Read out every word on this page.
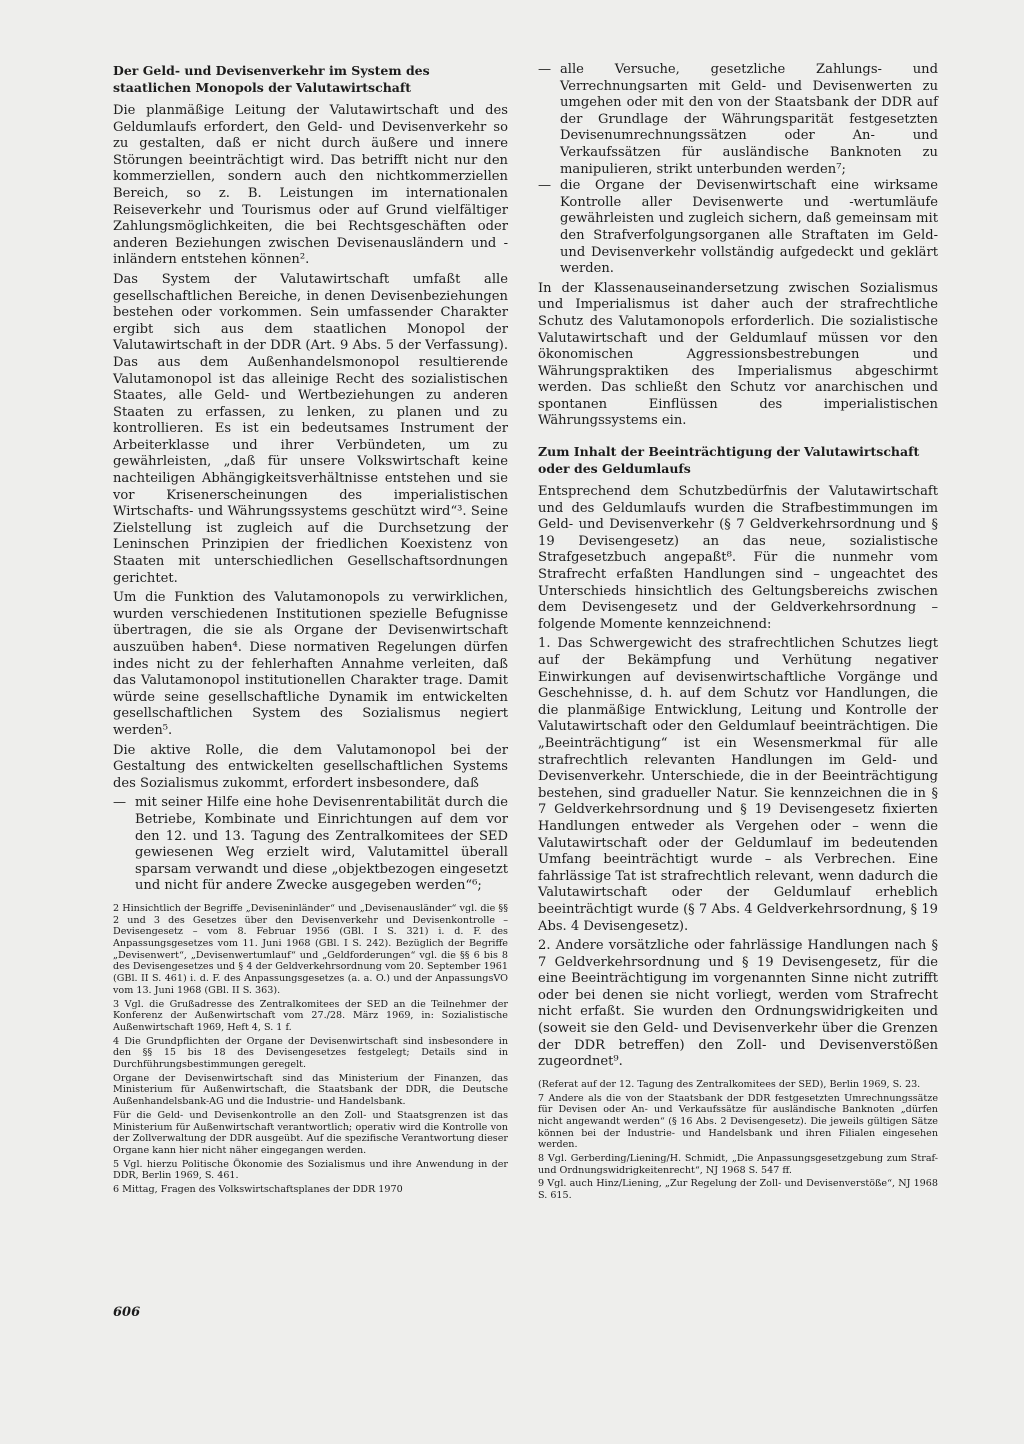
Der Geld- und Devisenverkehr im System des staatlichen Monopols der Valutawirtschaft

Die planmäßige Leitung der Valutawirtschaft und des Geldumlaufs erfordert, den Geld- und Devisenverkehr so zu gestalten, daß er nicht durch äußere und innere Störungen beeinträchtigt wird. Das betrifft nicht nur den kommerziellen, sondern auch den nichtkommerziellen Bereich, so z. B. Leistungen im internationalen Reiseverkehr und Tourismus oder auf Grund vielfältiger Zahlungsmöglichkeiten, die bei Rechtsgeschäften oder anderen Beziehungen zwischen Devisenausländern und -inländern entstehen können².

Das System der Valutawirtschaft umfaßt alle gesellschaftlichen Bereiche, in denen Devisenbeziehungen bestehen oder vorkommen. Sein umfassender Charakter ergibt sich aus dem staatlichen Monopol der Valutawirtschaft in der DDR (Art. 9 Abs. 5 der Verfassung). Das aus dem Außenhandelsmonopol resultierende Valutamonopol ist das alleinige Recht des sozialistischen Staates, alle Geld- und Wertbeziehungen zu anderen Staaten zu erfassen, zu lenken, zu planen und zu kontrollieren. Es ist ein bedeutsames Instrument der Arbeiterklasse und ihrer Verbündeten, um zu gewährleisten, „daß für unsere Volkswirtschaft keine nachteiligen Abhängigkeitsverhältnisse entstehen und sie vor Krisenerscheinungen des imperialistischen Wirtschafts- und Währungssystems geschützt wird“³. Seine Zielstellung ist zugleich auf die Durchsetzung der Leninschen Prinzipien der friedlichen Koexistenz von Staaten mit unterschiedlichen Gesellschaftsordnungen gerichtet.

Um die Funktion des Valutamonopols zu verwirklichen, wurden verschiedenen Institutionen spezielle Befugnisse übertragen, die sie als Organe der Devisenwirtschaft auszuüben haben⁴. Diese normativen Regelungen dürfen indes nicht zu der fehlerhaften Annahme verleiten, daß das Valutamonopol institutionellen Charakter trage. Damit würde seine gesellschaftliche Dynamik im entwickelten gesellschaftlichen System des Sozialismus negiert werden⁵.

Die aktive Rolle, die dem Valutamonopol bei der Gestaltung des entwickelten gesellschaftlichen Systems des Sozialismus zukommt, erfordert insbesondere, daß

— mit seiner Hilfe eine hohe Devisenrentabilität durch die Betriebe, Kombinate und Einrichtungen auf dem vor den 12. und 13. Tagung des Zentralkomitees der SED gewiesenen Weg erzielt wird, Valutamittel überall sparsam verwandt und diese „objektbezogen eingesetzt und nicht für andere Zwecke ausgegeben werden“⁶;

2 Hinsichtlich der Begriffe „Deviseninländer“ und „Devisenausländer“ vgl. die §§ 2 und 3 des Gesetzes über den Devisenverkehr und Devisenkontrolle – Devisengesetz – vom 8. Februar 1956 (GBl. I S. 321) i. d. F. des Anpassungsgesetzes vom 11. Juni 1968 (GBl. I S. 242). Bezüglich der Begriffe „Devisenwert“, „Devisenwertumlauf“ und „Geldforderungen“ vgl. die §§ 6 bis 8 des Devisengesetzes und § 4 der Geldverkehrsordnung vom 20. September 1961 (GBl. II S. 461) i. d. F. des Anpassungsgesetzes (a. a. O.) und der AnpassungsVO vom 13. Juni 1968 (GBl. II S. 363).

3 Vgl. die Grußadresse des Zentralkomitees der SED an die Teilnehmer der Konferenz der Außenwirtschaft vom 27./28. März 1969, in: Sozialistische Außenwirtschaft 1969, Heft 4, S. 1 f.

4 Die Grundpflichten der Organe der Devisenwirtschaft sind insbesondere in den §§ 15 bis 18 des Devisengesetzes festgelegt; Details sind in Durchführungsbestimmungen geregelt.

Organe der Devisenwirtschaft sind das Ministerium der Finanzen, das Ministerium für Außenwirtschaft, die Staatsbank der DDR, die Deutsche Außenhandelsbank-AG und die Industrie- und Handelsbank.

Für die Geld- und Devisenkontrolle an den Zoll- und Staatsgrenzen ist das Ministerium für Außenwirtschaft verantwortlich; operativ wird die Kontrolle von der Zollverwaltung der DDR ausgeübt. Auf die spezifische Verantwortung dieser Organe kann hier nicht näher eingegangen werden.

5 Vgl. hierzu Politische Ökonomie des Sozialismus und ihre Anwendung in der DDR, Berlin 1969, S. 461.

6 Mittag, Fragen des Volkswirtschaftsplanes der DDR 1970

— alle Versuche, gesetzliche Zahlungs- und Verrechnungsarten mit Geld- und Devisenwerten zu umgehen oder mit den von der Staatsbank der DDR auf der Grundlage der Währungsparität festgesetzten Devisenumrechnungssätzen oder An- und Verkaufssätzen für ausländische Banknoten zu manipulieren, strikt unterbunden werden⁷;
— die Organe der Devisenwirtschaft eine wirksame Kontrolle aller Devisenwerte und -wertumläufe gewährleisten und zugleich sichern, daß gemeinsam mit den Strafverfolgungsorganen alle Straftaten im Geld- und Devisenverkehr vollständig aufgedeckt und geklärt werden.

In der Klassenauseinandersetzung zwischen Sozialismus und Imperialismus ist daher auch der strafrechtliche Schutz des Valutamonopols erforderlich. Die sozialistische Valutawirtschaft und der Geldumlauf müssen vor den ökonomischen Aggressionsbestrebungen und Währungspraktiken des Imperialismus abgeschirmt werden. Das schließt den Schutz vor anarchischen und spontanen Einflüssen des imperialistischen Währungssystems ein.

Zum Inhalt der Beeinträchtigung der Valutawirtschaft oder des Geldumlaufs

Entsprechend dem Schutzbedürfnis der Valutawirtschaft und des Geldumlaufs wurden die Strafbestimmungen im Geld- und Devisenverkehr (§ 7 Geldverkehrsordnung und § 19 Devisengesetz) an das neue, sozialistische Strafgesetzbuch angepaßt⁸. Für die nunmehr vom Strafrecht erfaßten Handlungen sind – ungeachtet des Unterschieds hinsichtlich des Geltungsbereichs zwischen dem Devisengesetz und der Geldverkehrsordnung – folgende Momente kennzeichnend:

1. Das Schwergewicht des strafrechtlichen Schutzes liegt auf der Bekämpfung und Verhütung negativer Einwirkungen auf devisenwirtschaftliche Vorgänge und Geschehnisse, d. h. auf dem Schutz vor Handlungen, die die planmäßige Entwicklung, Leitung und Kontrolle der Valutawirtschaft oder den Geldumlauf beeinträchtigen. Die „Beeinträchtigung“ ist ein Wesensmerkmal für alle strafrechtlich relevanten Handlungen im Geld- und Devisenverkehr. Unterschiede, die in der Beeinträchtigung bestehen, sind gradueller Natur. Sie kennzeichnen die in § 7 Geldverkehrsordnung und § 19 Devisengesetz fixierten Handlungen entweder als Vergehen oder – wenn die Valutawirtschaft oder der Geldumlauf im bedeutenden Umfang beeinträchtigt wurde – als Verbrechen. Eine fahrlässige Tat ist strafrechtlich relevant, wenn dadurch die Valutawirtschaft oder der Geldumlauf erheblich beeinträchtigt wurde (§ 7 Abs. 4 Geldverkehrsordnung, § 19 Abs. 4 Devisengesetz).

2. Andere vorsätzliche oder fahrlässige Handlungen nach § 7 Geldverkehrsordnung und § 19 Devisengesetz, für die eine Beeinträchtigung im vorgenannten Sinne nicht zutrifft oder bei denen sie nicht vorliegt, werden vom Strafrecht nicht erfaßt. Sie wurden den Ordnungswidrigkeiten und (soweit sie den Geld- und Devisenverkehr über die Grenzen der DDR betreffen) den Zoll- und Devisenverstößen zugeordnet⁹.

(Referat auf der 12. Tagung des Zentralkomitees der SED), Berlin 1969, S. 23.

7 Andere als die von der Staatsbank der DDR festgesetzten Umrechnungssätze für Devisen oder An- und Verkaufssätze für ausländische Banknoten „dürfen nicht angewandt werden“ (§ 16 Abs. 2 Devisengesetz). Die jeweils gültigen Sätze können bei der Industrie- und Handelsbank und ihren Filialen eingesehen werden.

8 Vgl. Gerberding/Liening/H. Schmidt, „Die Anpassungsgesetzgebung zum Straf- und Ordnungswidrigkeitenrecht“, NJ 1968 S. 547 ff.

9 Vgl. auch Hinz/Liening, „Zur Regelung der Zoll- und Devisenverstöße“, NJ 1968 S. 615.

606
